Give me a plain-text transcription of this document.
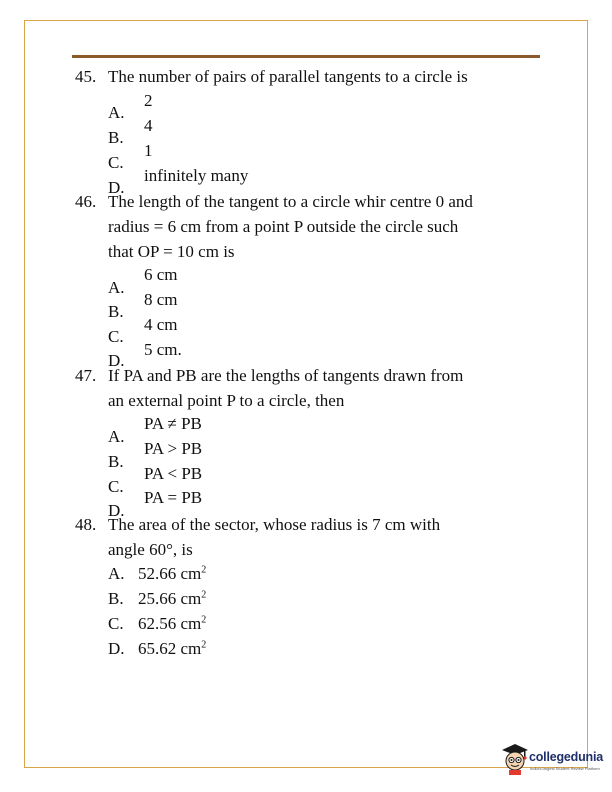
45. The number of pairs of parallel tangents to a circle is
A.
B.
C.
D.
2
4
1
infinitely many
46. The length of the tangent to a circle whir centre 0 and
radius = 6 cm from a point P outside the circle such
that OP = 10 cm is
A.
B.
C.
D.
6 cm
8 cm
4 cm
5 cm.
47. If PA and PB are the lengths of tangents drawn from
an external point P to a circle, then
A.
B.
C.
D.
PA ≠ PB
PA > PB
PA < PB
PA = PB
48. The area of the sector, whose radius is 7 cm with
angle 60°, is
A. 52.66 $cm^2$
B. 25.66 $cm^2$
C. 62.56 $cm^2$
D. 65.62 $cm^2$
collegedunia
India's largest Student Review Platform
